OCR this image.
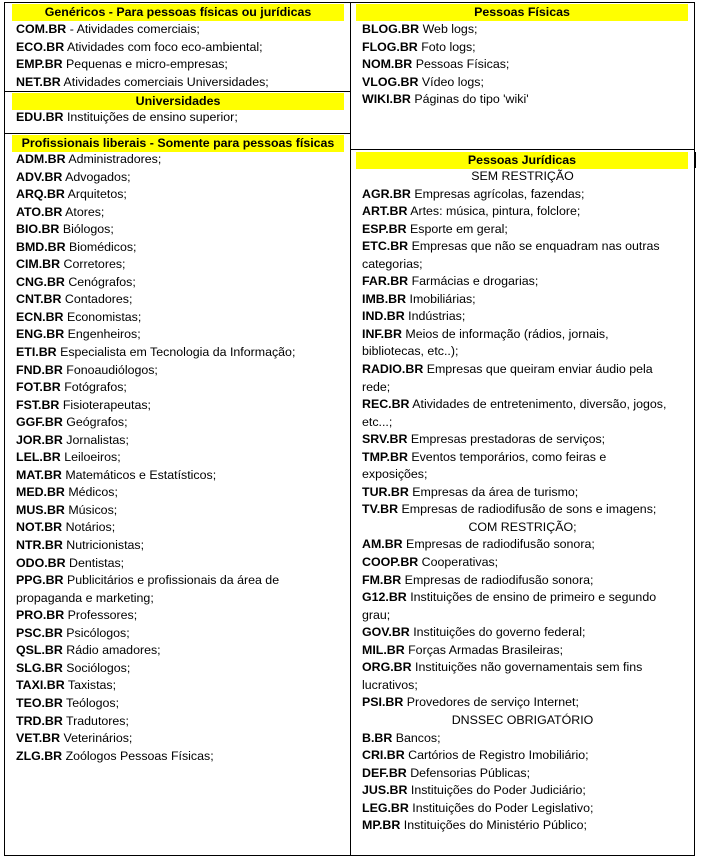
Genéricos - Para pessoas físicas ou jurídicas
COM.BR - Atividades comerciais;
ECO.BR Atividades com foco eco-ambiental;
EMP.BR Pequenas e micro-empresas;
NET.BR Atividades comerciais Universidades;
Universidades
EDU.BR Instituições de ensino superior;
Profissionais liberais - Somente para pessoas físicas
ADM.BR Administradores;
ADV.BR Advogados;
ARQ.BR Arquitetos;
ATO.BR Atores;
BIO.BR Biólogos;
BMD.BR Biomédicos;
CIM.BR Corretores;
CNG.BR Cenógrafos;
CNT.BR Contadores;
ECN.BR Economistas;
ENG.BR Engenheiros;
ETI.BR Especialista em Tecnologia da Informação;
FND.BR Fonoaudiólogos;
FOT.BR Fotógrafos;
FST.BR Fisioterapeutas;
GGF.BR Geógrafos;
JOR.BR Jornalistas;
LEL.BR Leiloeiros;
MAT.BR Matemáticos e Estatísticos;
MED.BR Médicos;
MUS.BR Músicos;
NOT.BR Notários;
NTR.BR Nutricionistas;
ODO.BR Dentistas;
PPG.BR Publicitários e profissionais da área de
propaganda e marketing;
PRO.BR Professores;
PSC.BR Psicólogos;
QSL.BR Rádio amadores;
SLG.BR Sociólogos;
TAXI.BR Taxistas;
TEO.BR Teólogos;
TRD.BR Tradutores;
VET.BR Veterinários;
ZLG.BR Zoólogos Pessoas Físicas;
Pessoas Físicas
BLOG.BR Web logs;
FLOG.BR Foto logs;
NOM.BR Pessoas Físicas;
VLOG.BR Vídeo logs;
WIKI.BR Páginas do tipo 'wiki'
Pessoas Jurídicas
SEM RESTRIÇÃO
AGR.BR Empresas agrícolas, fazendas;
ART.BR Artes: música, pintura, folclore;
ESP.BR Esporte em geral;
ETC.BR Empresas que não se enquadram nas outras
categorias;
FAR.BR Farmácias e drogarias;
IMB.BR Imobiliárias;
IND.BR Indústrias;
INF.BR Meios de informação (rádios, jornais,
bibliotecas, etc..);
RADIO.BR Empresas que queiram enviar áudio pela
rede;
REC.BR Atividades de entretenimento, diversão, jogos,
etc...;
SRV.BR Empresas prestadoras de serviços;
TMP.BR Eventos temporários, como feiras e
exposições;
TUR.BR Empresas da área de turismo;
TV.BR Empresas de radiodifusão de sons e imagens;
COM RESTRIÇÃO;
AM.BR Empresas de radiodifusão sonora;
COOP.BR Cooperativas;
FM.BR Empresas de radiodifusão sonora;
G12.BR Instituições de ensino de primeiro e segundo
grau;
GOV.BR Instituições do governo federal;
MIL.BR Forças Armadas Brasileiras;
ORG.BR Instituições não governamentais sem fins
lucrativos;
PSI.BR Provedores de serviço Internet;
DNSSEC OBRIGATÓRIO
B.BR Bancos;
CRI.BR Cartórios de Registro Imobiliário;
DEF.BR Defensorias Públicas;
JUS.BR Instituições do Poder Judiciário;
LEG.BR Instituições do Poder Legislativo;
MP.BR Instituições do Ministério Público;
